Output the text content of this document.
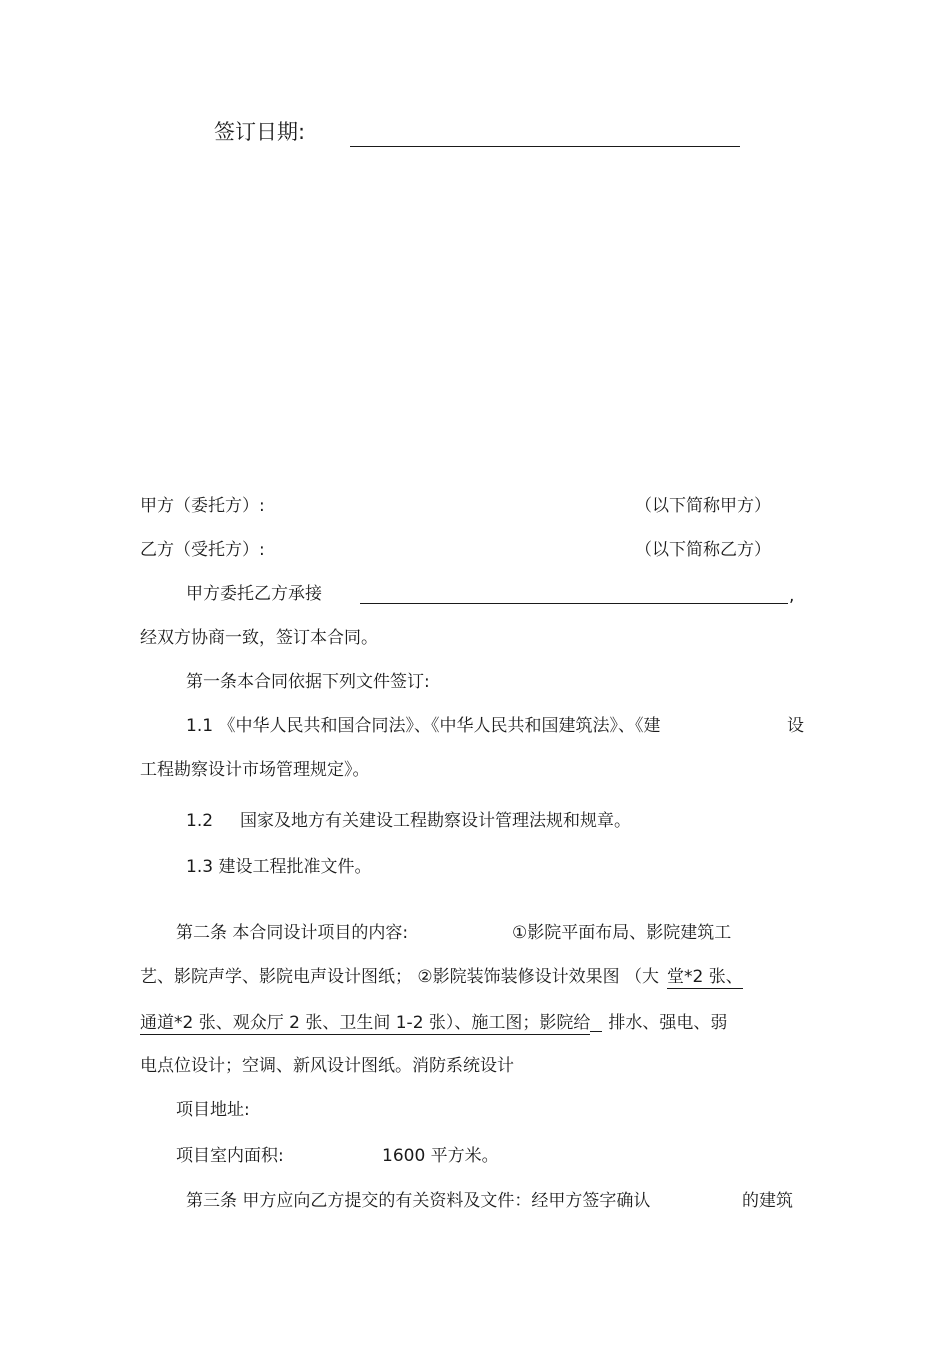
签订日期:
甲方（委托方）:	（以下简称甲方）
乙方（受托方）:	（以下简称乙方）
甲方委托乙方承接	,
经双方协商一致，签订本合同。
第一条本合同依据下列文件签订:
1.1 《中华人民共和国合同法》、《中华人民共和国建筑法》、《建	设
工程勘察设计市场管理规定》。
1.2 国家及地方有关建设工程勘察设计管理法规和规章。
1.3 建设工程批准文件。
第二条 本合同设计项目的内容:	①影院平面布局、影院建筑工
艺、影院声学、影院电声设计图纸； ②影院装饰装修设计效果图 （大 堂*2 张、
通道*2 张、观众厅 2 张、卫生间 1-2 张）、施工图；影院给 排水、强电、弱
电点位设计；空调、新风设计图纸。消防系统设计
项目地址:
项目室内面积:	1600 平方米。
第三条 甲方应向乙方提交的有关资料及文件：经甲方签字确认	的建筑
